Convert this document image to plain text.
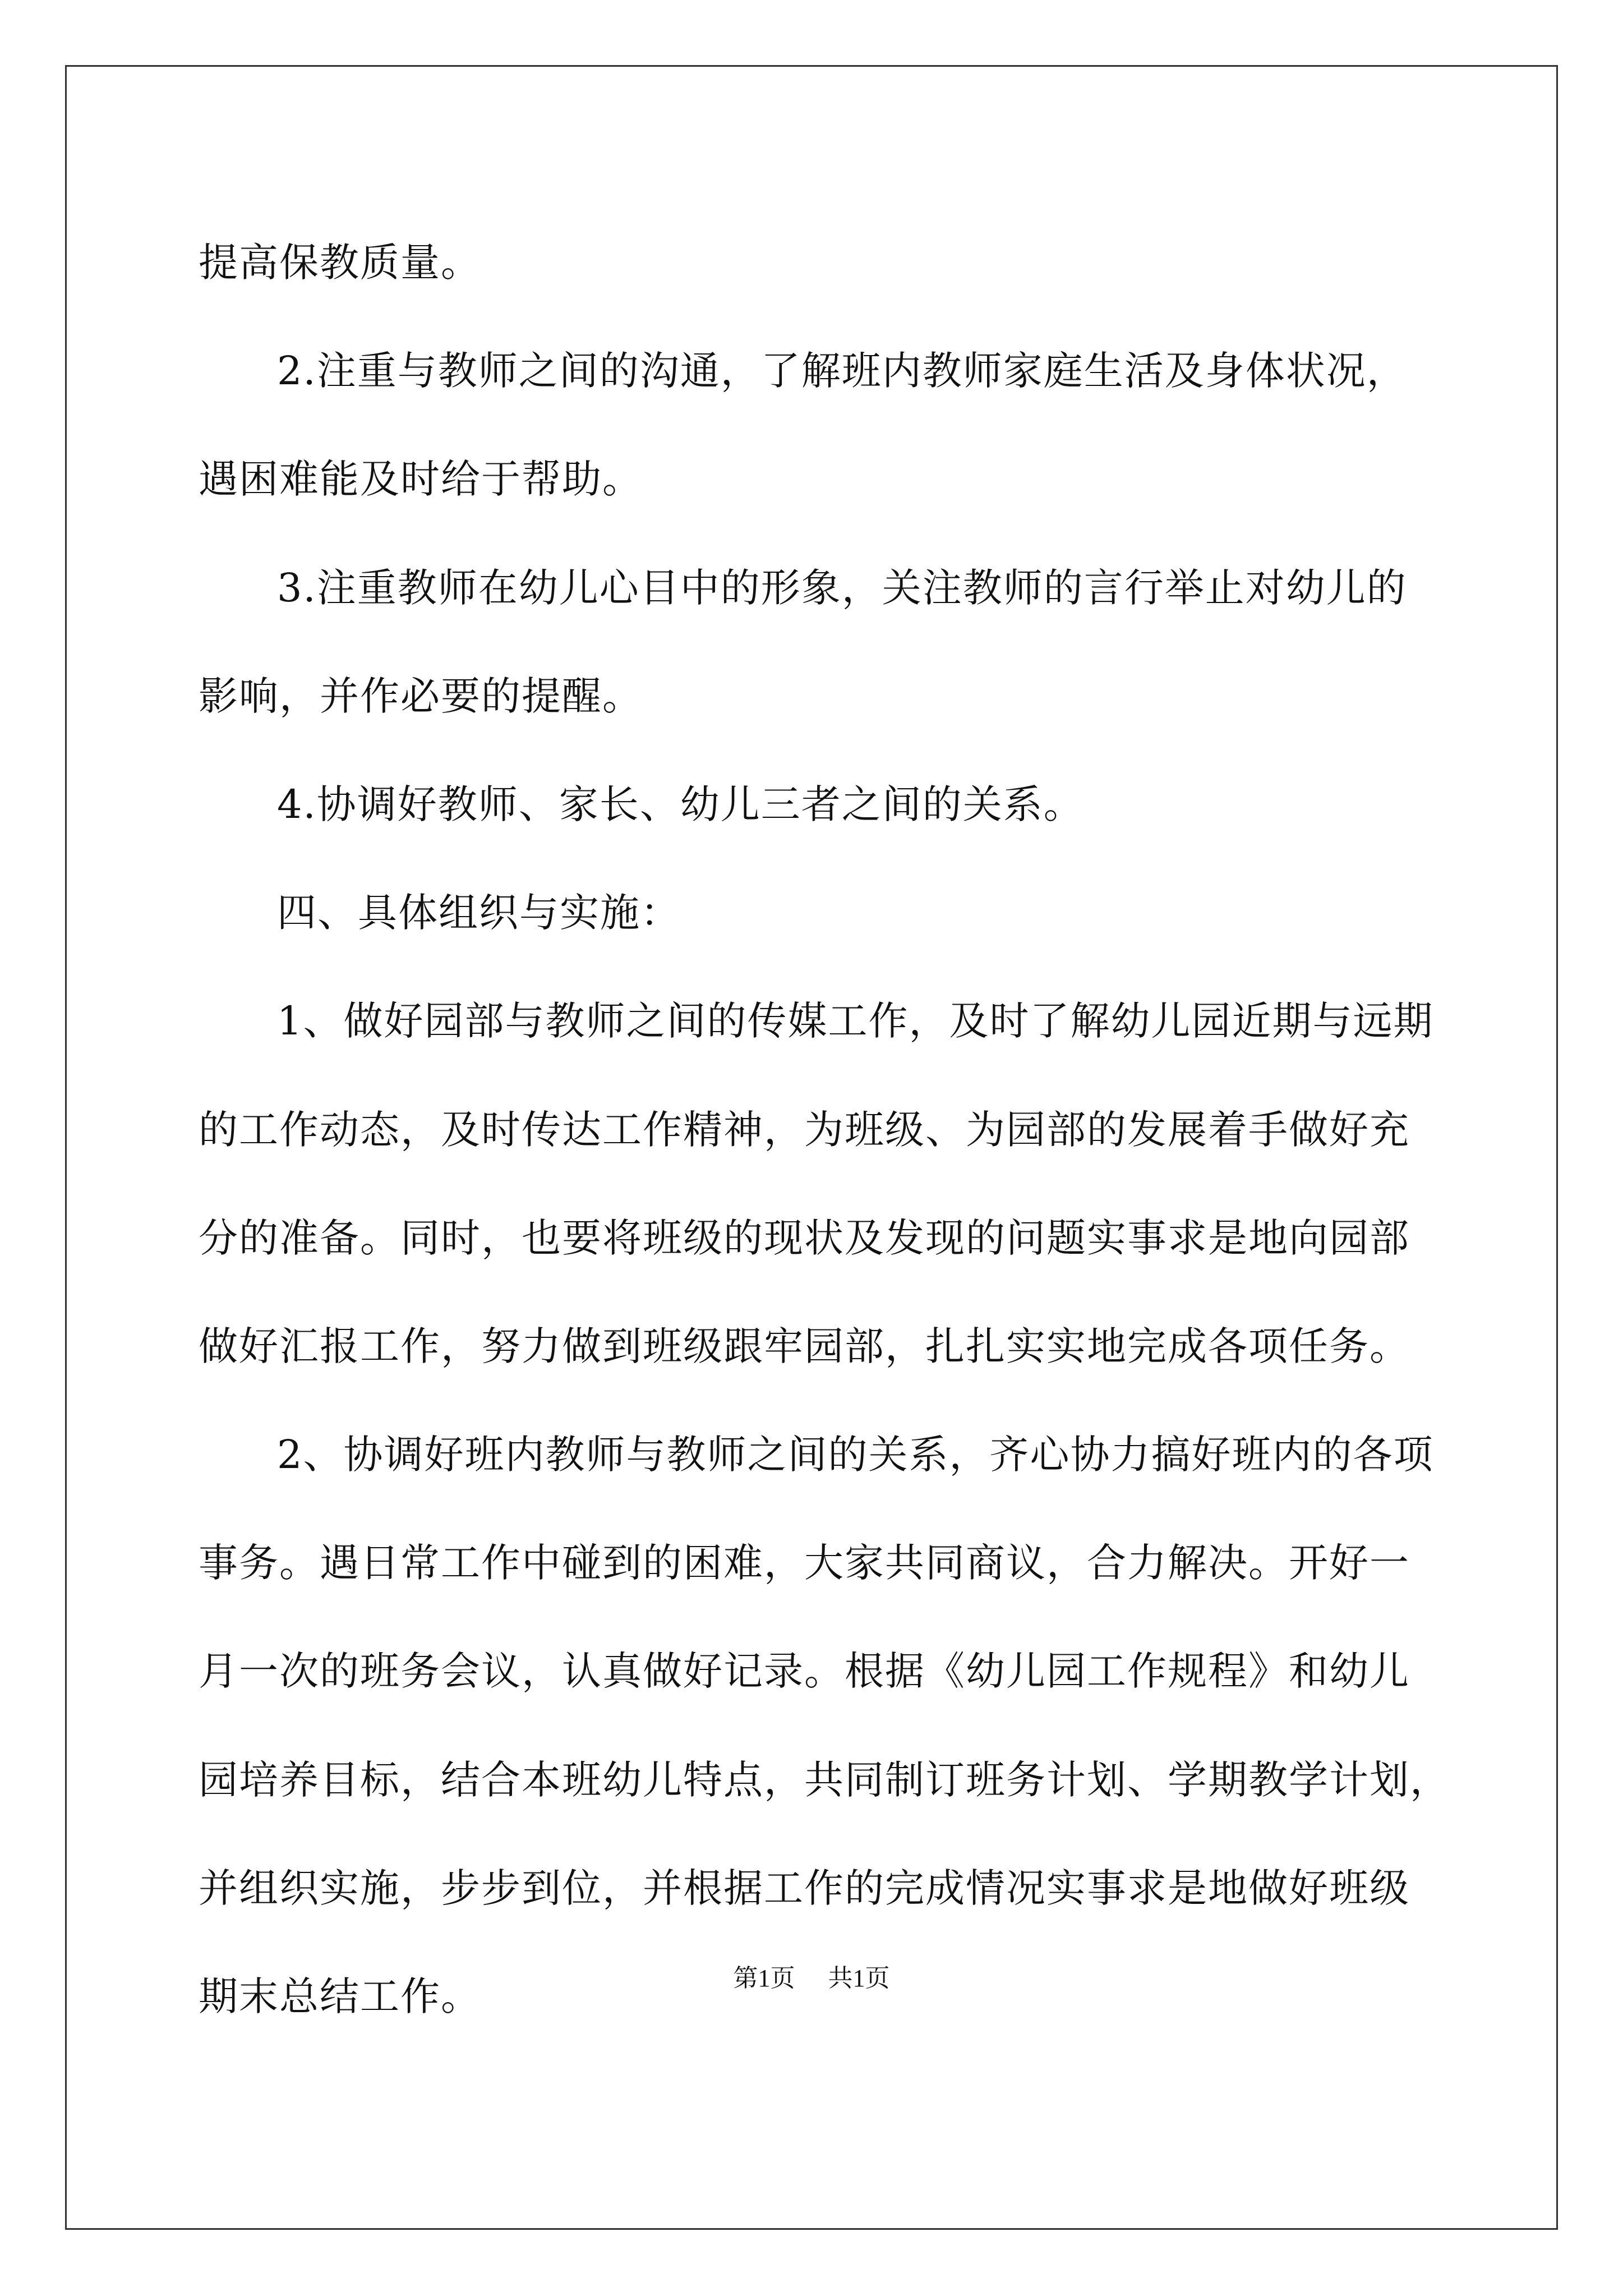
提高保教质量。
2.注重与教师之间的沟通，了解班内教师家庭生活及身体状况，
遇困难能及时给于帮助。
3.注重教师在幼儿心目中的形象，关注教师的言行举止对幼儿的
影响，并作必要的提醒。
4.协调好教师、家长、幼儿三者之间的关系。
四、具体组织与实施：
1、做好园部与教师之间的传媒工作，及时了解幼儿园近期与远期
的工作动态，及时传达工作精神，为班级、为园部的发展着手做好充
分的准备。同时，也要将班级的现状及发现的问题实事求是地向园部
做好汇报工作，努力做到班级跟牢园部，扎扎实实地完成各项任务。
2、协调好班内教师与教师之间的关系，齐心协力搞好班内的各项
事务。遇日常工作中碰到的困难，大家共同商议，合力解决。开好一
月一次的班务会议，认真做好记录。根据《幼儿园工作规程》和幼儿
园培养目标，结合本班幼儿特点，共同制订班务计划、学期教学计划，
并组织实施，步步到位，并根据工作的完成情况实事求是地做好班级
期末总结工作。	第1页 共1页
